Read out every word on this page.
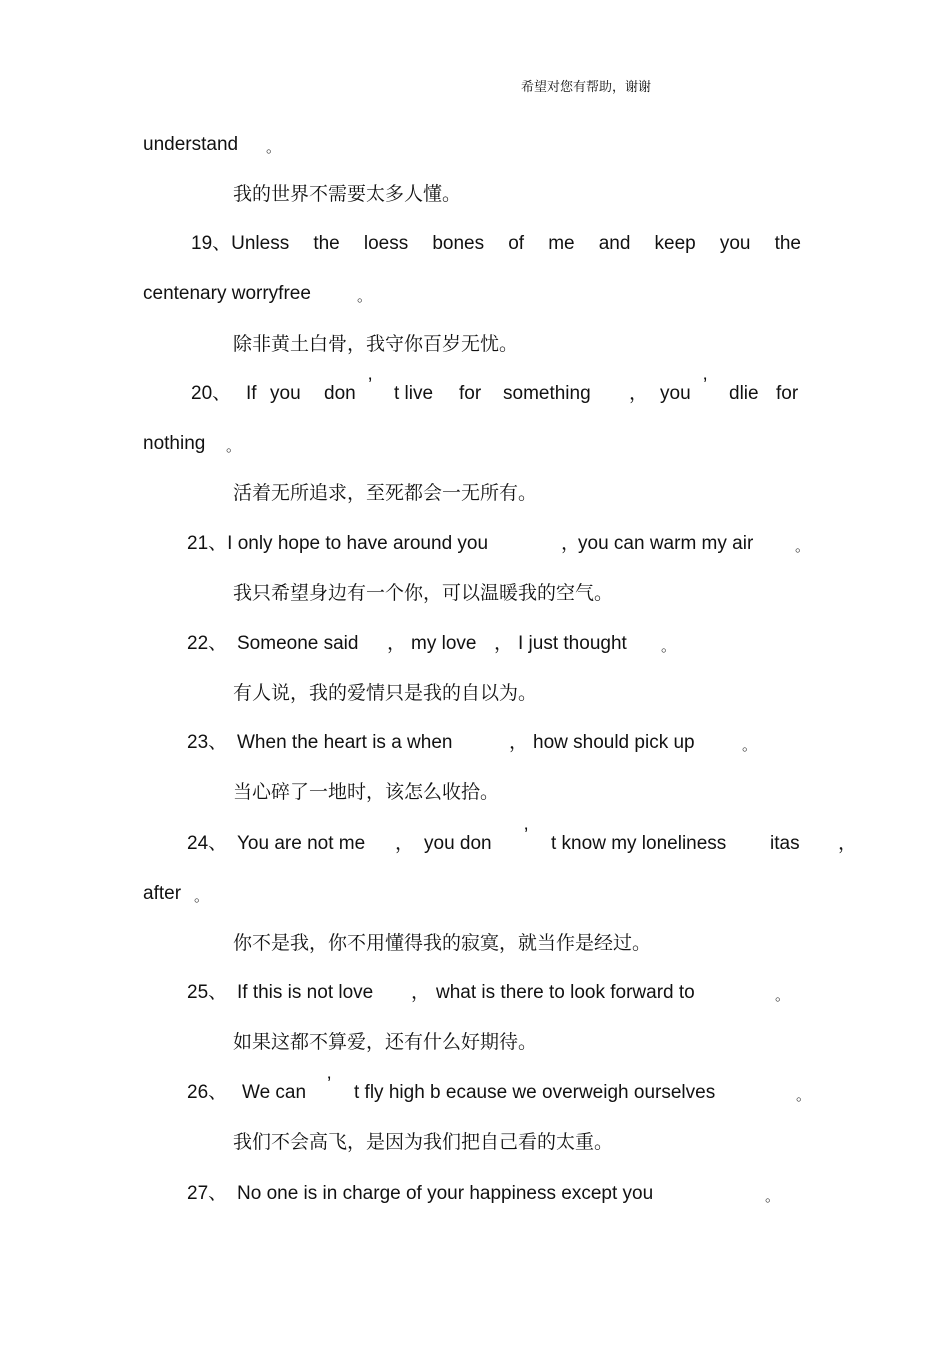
希望对您有帮助，谢谢
understand 。
我的世界不需要太多人懂。
19、Unless the loess bones of me and keep you the
centenary worryfree	。
除非黄土白骨，我守你百岁无忧。
20、 If you don ’ t live for something ， you ’ dlie for
nothing 。
活着无所追求，至死都会一无所有。
21、I only hope to have around you	，
you can warm my air	。
我只希望身边有一个你，可以温暖我的空气。
22、 Someone said ， my love ， I just thought 。
有人说，我的爱情只是我的自以为。
23、 When the heart is a when	， how should pick up	。
当心碎了一地时，该怎么收拾。
24、 You are not me ， you don ’ t know my loneliness itas ，
after 。
你不是我，你不用懂得我的寂寞，就当作是经过。
25、 If this is not love ， what is there to look forward to	。
如果这都不算爱，还有什么好期待。
26、 We can ’ t fly high b ecause we overweigh ourselves	。
我们不会高飞，是因为我们把自己看的太重。
27、 No one is in charge of your happiness except you	。
